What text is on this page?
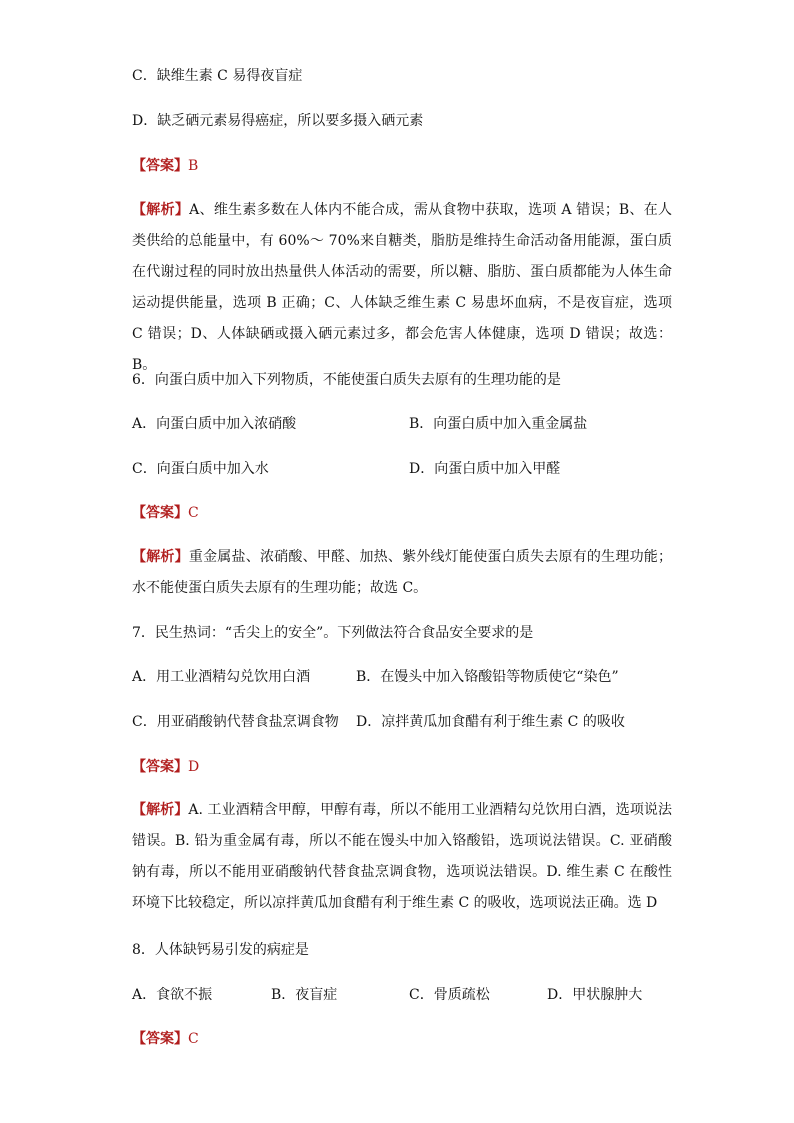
C．缺维生素 C 易得夜盲症
D．缺乏硒元素易得癌症，所以要多摄入硒元素
【答案】B
【解析】A、维生素多数在人体内不能合成，需从食物中获取，选项 A 错误；B、在人类供给的总能量中，有 60%～ 70%来自糖类，脂肪是维持生命活动备用能源，蛋白质在代谢过程的同时放出热量供人体活动的需要，所以糖、脂肪、蛋白质都能为人体生命运动提供能量，选项 B 正确；C、人体缺乏维生素 C 易患坏血病，不是夜盲症，选项 C 错误；D、人体缺硒或摄入硒元素过多，都会危害人体健康，选项 D 错误；故选：B。
6．向蛋白质中加入下列物质，不能使蛋白质失去原有的生理功能的是
A．向蛋白质中加入浓硝酸	B．向蛋白质中加入重金属盐
C．向蛋白质中加入水	D．向蛋白质中加入甲醛
【答案】C
【解析】重金属盐、浓硝酸、甲醛、加热、紫外线灯能使蛋白质失去原有的生理功能；水不能使蛋白质失去原有的生理功能；故选 C。
7．民生热词：“舌尖上的安全”。下列做法符合食品安全要求的是
A．用工业酒精勾兑饮用白酒	B．在馒头中加入铬酸铅等物质使它“染色”
C．用亚硝酸钠代替食盐烹调食物 D．凉拌黄瓜加食醋有利于维生素 C 的吸收
【答案】D
【解析】A. 工业酒精含甲醇，甲醇有毒，所以不能用工业酒精勾兑饮用白酒，选项说法错误。B. 铅为重金属有毒，所以不能在馒头中加入铬酸铅，选项说法错误。C. 亚硝酸钠有毒，所以不能用亚硝酸钠代替食盐烹调食物，选项说法错误。D. 维生素 C 在酸性环境下比较稳定，所以凉拌黄瓜加食醋有利于维生素 C 的吸收，选项说法正确。选 D
8．人体缺钙易引发的病症是
A．食欲不振	B．夜盲症	C．骨质疏松	D．甲状腺肿大
【答案】C
